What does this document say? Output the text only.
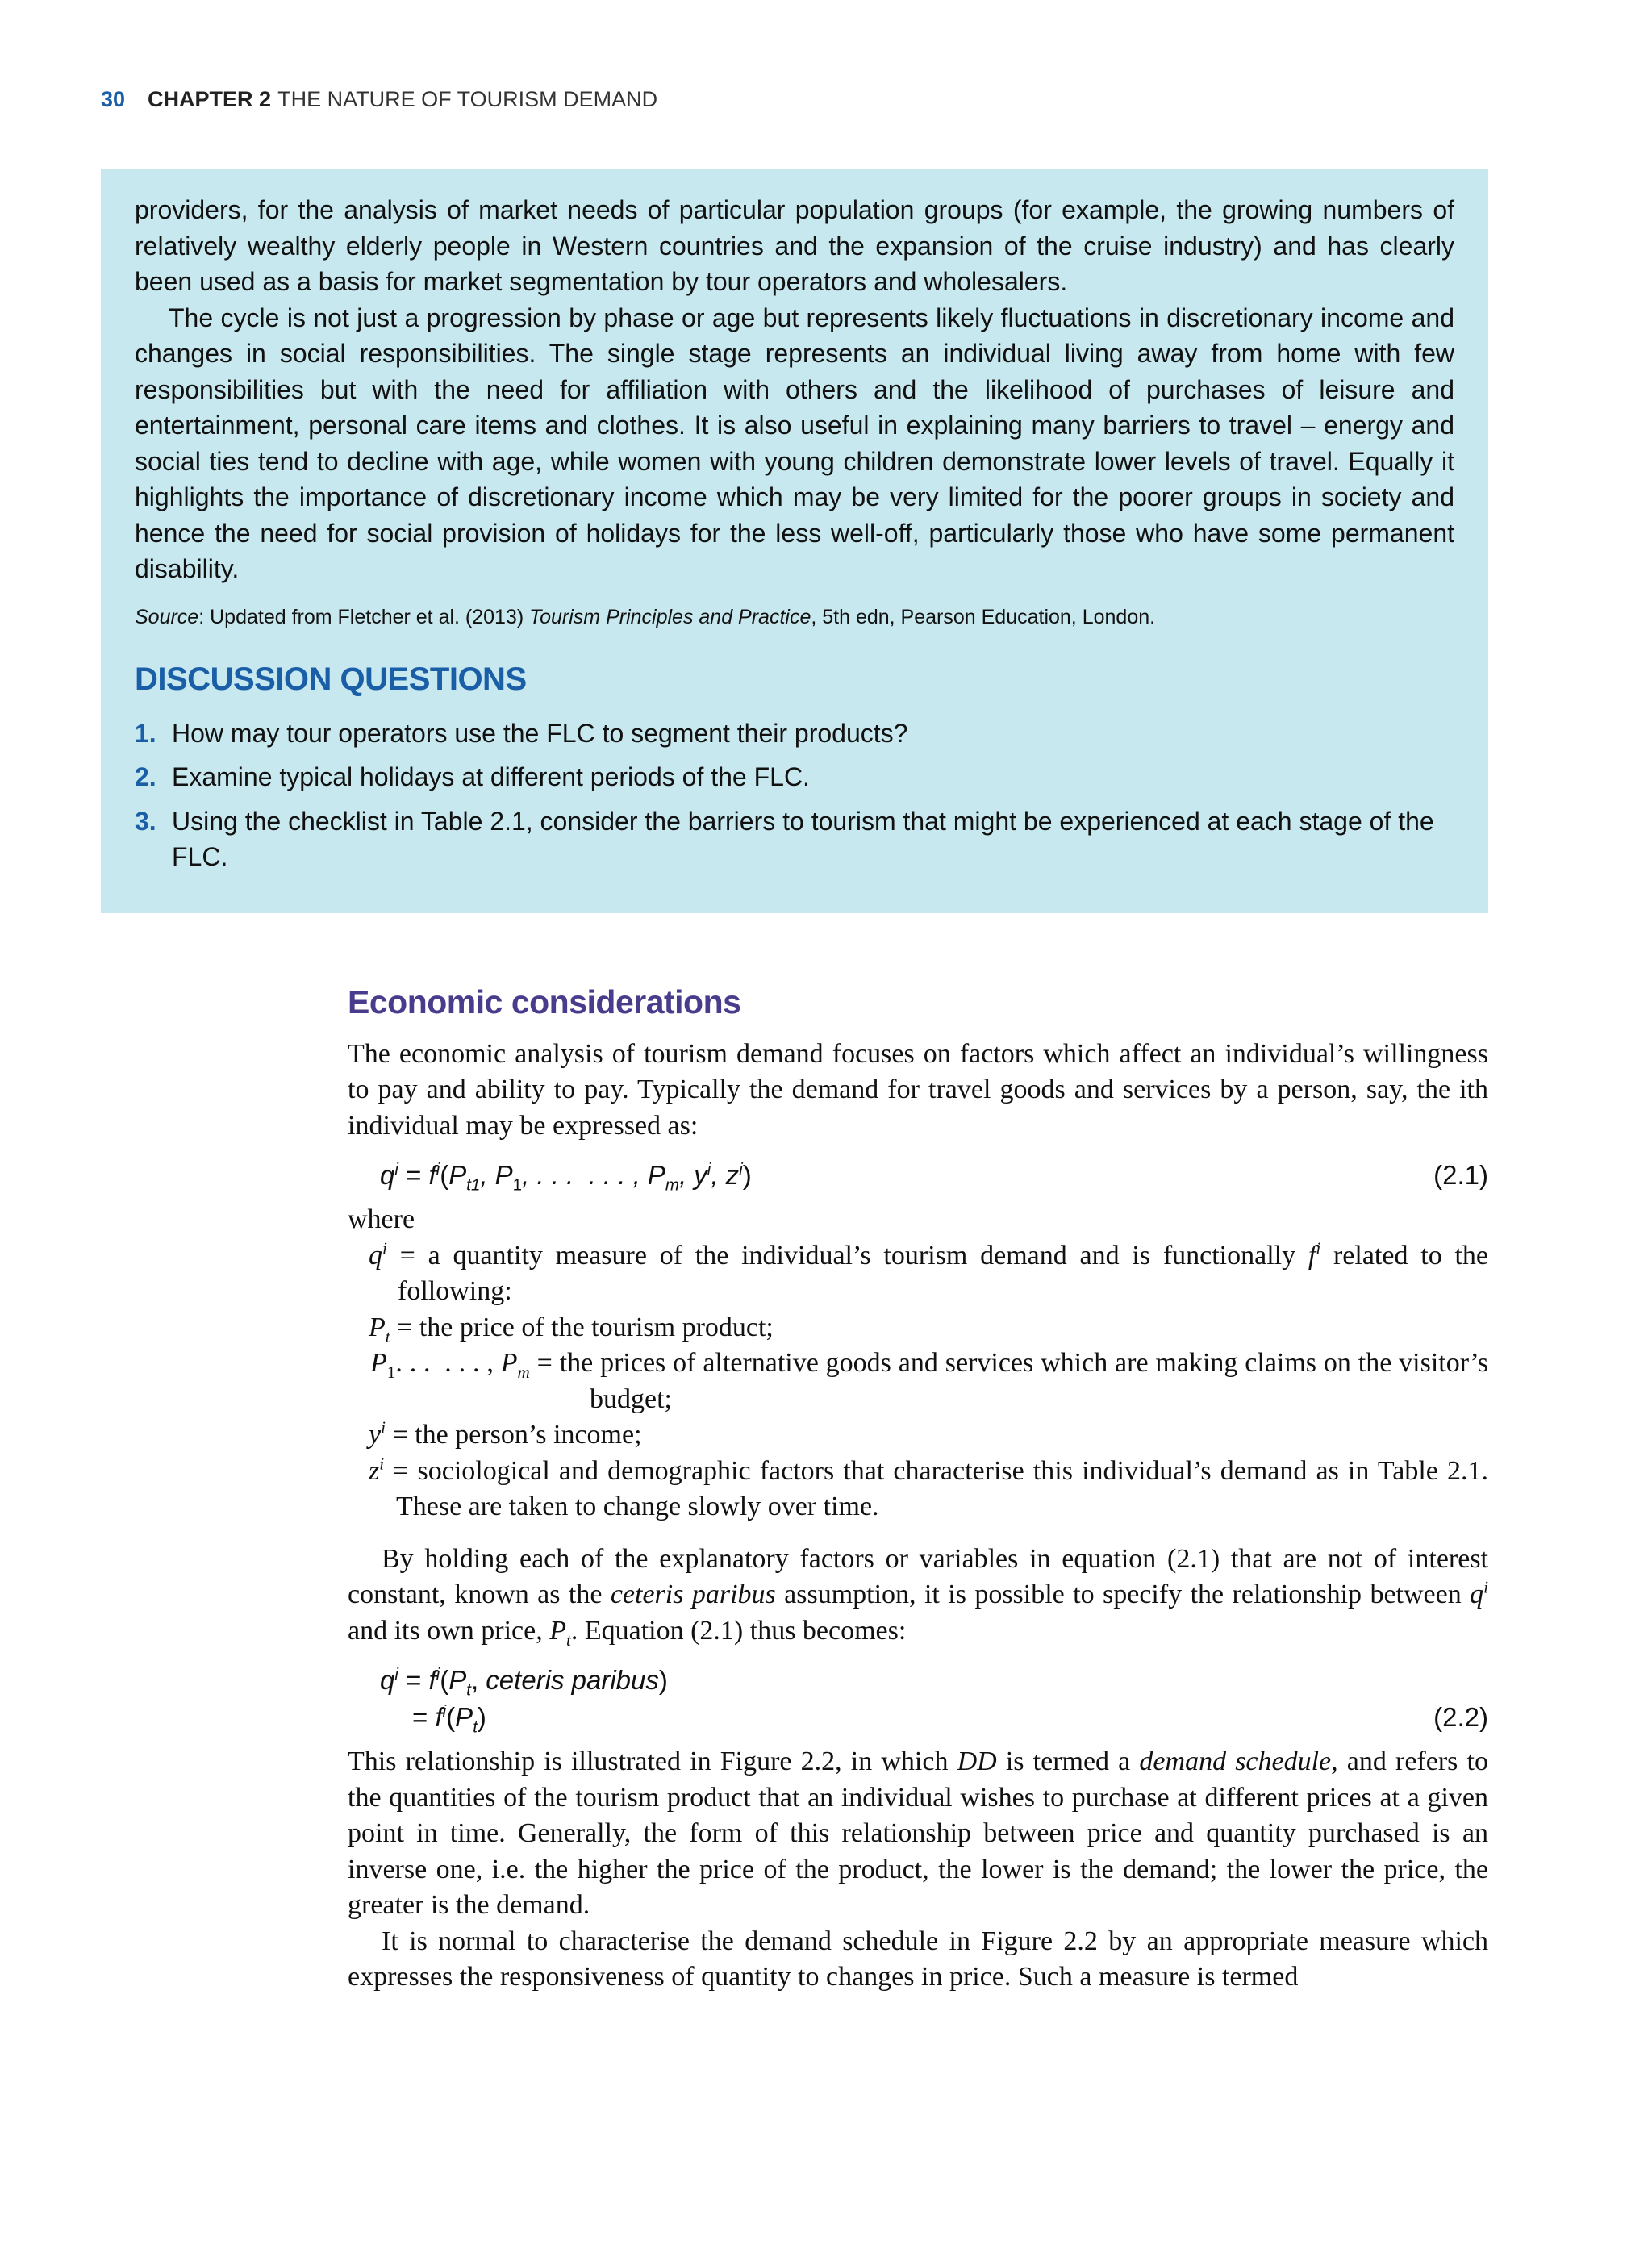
30 CHAPTER 2 THE NATURE OF TOURISM DEMAND

providers, for the analysis of market needs of particular population groups (for example, the growing numbers of relatively wealthy elderly people in Western countries and the expansion of the cruise industry) and has clearly been used as a basis for market segmentation by tour operators and wholesalers.

The cycle is not just a progression by phase or age but represents likely fluctuations in discretionary income and changes in social responsibilities. The single stage represents an individual living away from home with few responsibilities but with the need for affiliation with others and the likelihood of purchases of leisure and entertainment, personal care items and clothes. It is also useful in explaining many barriers to travel – energy and social ties tend to decline with age, while women with young children demonstrate lower levels of travel. Equally it highlights the importance of discretionary income which may be very limited for the poorer groups in society and hence the need for social provision of holidays for the less well-off, particularly those who have some permanent disability.

Source: Updated from Fletcher et al. (2013) Tourism Principles and Practice, 5th edn, Pearson Education, London.

DISCUSSION QUESTIONS
1. How may tour operators use the FLC to segment their products?
2. Examine typical holidays at different periods of the FLC.
3. Using the checklist in Table 2.1, consider the barriers to tourism that might be experienced at each stage of the FLC.
Economic considerations

The economic analysis of tourism demand focuses on factors which affect an individual’s willingness to pay and ability to pay. Typically the demand for travel goods and services by a person, say, the ith individual may be expressed as:

$q^i = f^i(P_{t1}$, $P_1$, . . .  . . . , $P_m$, $y^i$, $z^i$)	(2.1)

where

$q^i = a$ quantity measure of the individual’s tourism demand and is functionally $f^i$ related to the following:

$P_t$ = the price of the tourism product;

$P_1$. . .  . . . , $P_m$ = the prices of alternative goods and services which are making claims on the visitor’s budget;

$y^i$ = the person’s income;

$z^i$ = sociological and demographic factors that characterise this individual’s demand as in Table 2.1. These are taken to change slowly over time.

By holding each of the explanatory factors or variables in equation (2.1) that are not of interest constant, known as the ceteris paribus assumption, it is possible to specify the relationship between $q^i$ and its own price, $P_t$. Equation (2.1) thus becomes:

$q^i = f^i(P_t$, ceteris paribus)
= $f^i(P_t)$	(2.2)

This relationship is illustrated in Figure 2.2, in which DD is termed a demand schedule, and refers to the quantities of the tourism product that an individual wishes to purchase at different prices at a given point in time. Generally, the form of this relationship between price and quantity purchased is an inverse one, i.e. the higher the price of the product, the lower is the demand; the lower the price, the greater is the demand.

It is normal to characterise the demand schedule in Figure 2.2 by an appropriate measure which expresses the responsiveness of quantity to changes in price. Such a measure is termed
